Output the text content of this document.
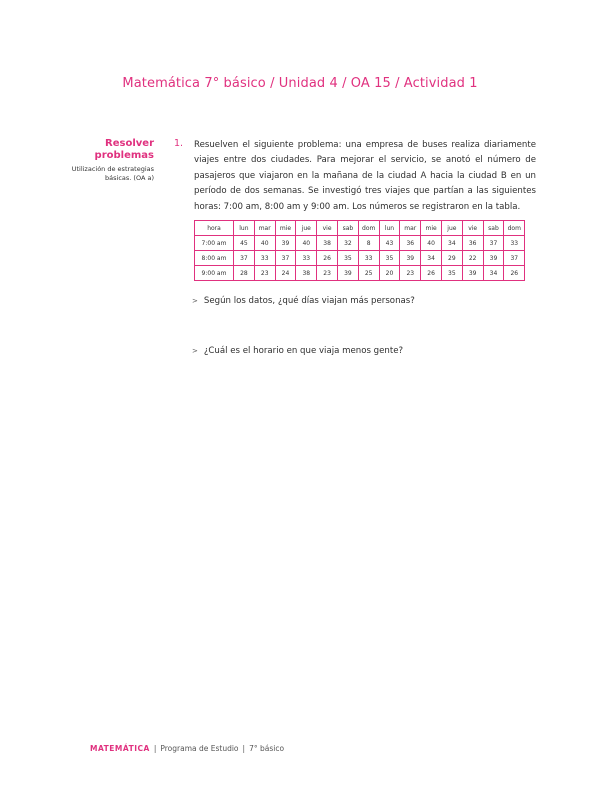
Matemática 7° básico / Unidad 4 / OA 15 / Actividad 1
Resolver
problemas
Utilización de estrategias
básicas. (OA a)
1. Resuelven el siguiente problema: una empresa de buses realiza diariamente viajes entre dos ciudades. Para mejorar el servicio, se anotó el número de pasajeros que viajaron en la mañana de la ciudad A hacia la ciudad B en un período de dos semanas. Se investigó tres viajes que partían a las siguientes horas: 7:00 am, 8:00 am y 9:00 am. Los números se registraron en la tabla.
hora	lun	mar	mie	jue	vie	sab	dom	lun	mar	mie	jue	vie	sab	dom
7:00 am	45	40	39	40	38	32	8	43	36	40	34	36	37	33
8:00 am	37	33	37	33	26	35	33	35	39	34	29	22	39	37
9:00 am	28	23	24	38	23	39	25	20	23	26	35	39	34	26
> Según los datos, ¿qué días viajan más personas?
> ¿Cuál es el horario en que viaja menos gente?
MATEMÁTICA | Programa de Estudio | 7° básico
